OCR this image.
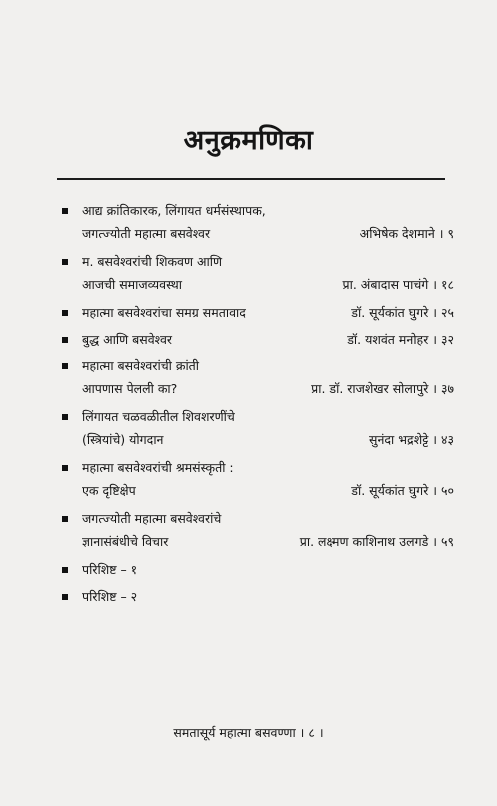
अनुक्रमणिका
आद्य क्रांतिकारक, लिंगायत धर्मसंस्थापक,
जगत्ज्योती महात्मा बसवेश्वर	अभिषेक देशमाने । ९
म. बसवेश्वरांची शिकवण आणि
आजची समाजव्यवस्था	प्रा. अंबादास पाचंगे । १८
महात्मा बसवेश्वरांचा समग्र समतावाद	डॉ. सूर्यकांत घुगरे । २५
बुद्ध आणि बसवेश्वर	डॉ. यशवंत मनोहर । ३२
महात्मा बसवेश्वरांची क्रांती
आपणास पेलली का?	प्रा. डॉ. राजशेखर सोलापुरे । ३७
लिंगायत चळवळीतील शिवशरणींचे
(स्त्रियांचे) योगदान	सुनंदा भद्रशेट्टे । ४३
महात्मा बसवेश्वरांची श्रमसंस्कृती :
एक दृष्टिक्षेप	डॉ. सूर्यकांत घुगरे । ५०
जगत्ज्योती महात्मा बसवेश्वरांचे
ज्ञानासंबंधीचे विचार	प्रा. लक्ष्मण काशिनाथ उलगडे । ५९
परिशिष्ट – १
परिशिष्ट – २
समतासूर्य महात्मा बसवण्णा । ८ ।
